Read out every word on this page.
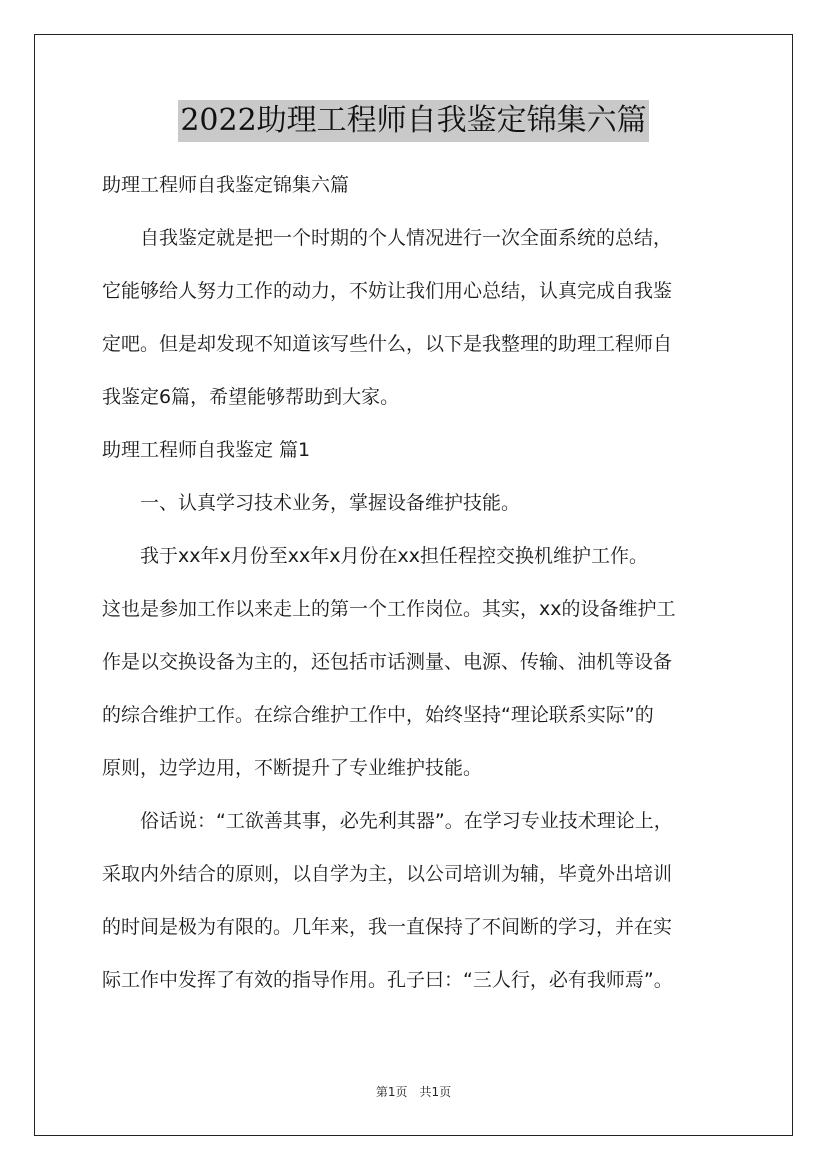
2022助理工程师自我鉴定锦集六篇
助理工程师自我鉴定锦集六篇
　　自我鉴定就是把一个时期的个人情况进行一次全面系统的总结，
它能够给人努力工作的动力，不妨让我们用心总结，认真完成自我鉴
定吧。但是却发现不知道该写些什么，以下是我整理的助理工程师自
我鉴定6篇，希望能够帮助到大家。
助理工程师自我鉴定 篇1
　　一、认真学习技术业务，掌握设备维护技能。
　　我于xx年x月份至xx年x月份在xx担任程控交换机维护工作。
这也是参加工作以来走上的第一个工作岗位。其实，xx的设备维护工
作是以交换设备为主的，还包括市话测量、电源、传输、油机等设备
的综合维护工作。在综合维护工作中，始终坚持“理论联系实际”的
原则，边学边用，不断提升了专业维护技能。
　　俗话说：“工欲善其事，必先利其器”。在学习专业技术理论上，
采取内外结合的原则，以自学为主，以公司培训为辅，毕竟外出培训
的时间是极为有限的。几年来，我一直保持了不间断的学习，并在实
际工作中发挥了有效的指导作用。孔子曰：“三人行，必有我师焉”。
第1页　共1页
